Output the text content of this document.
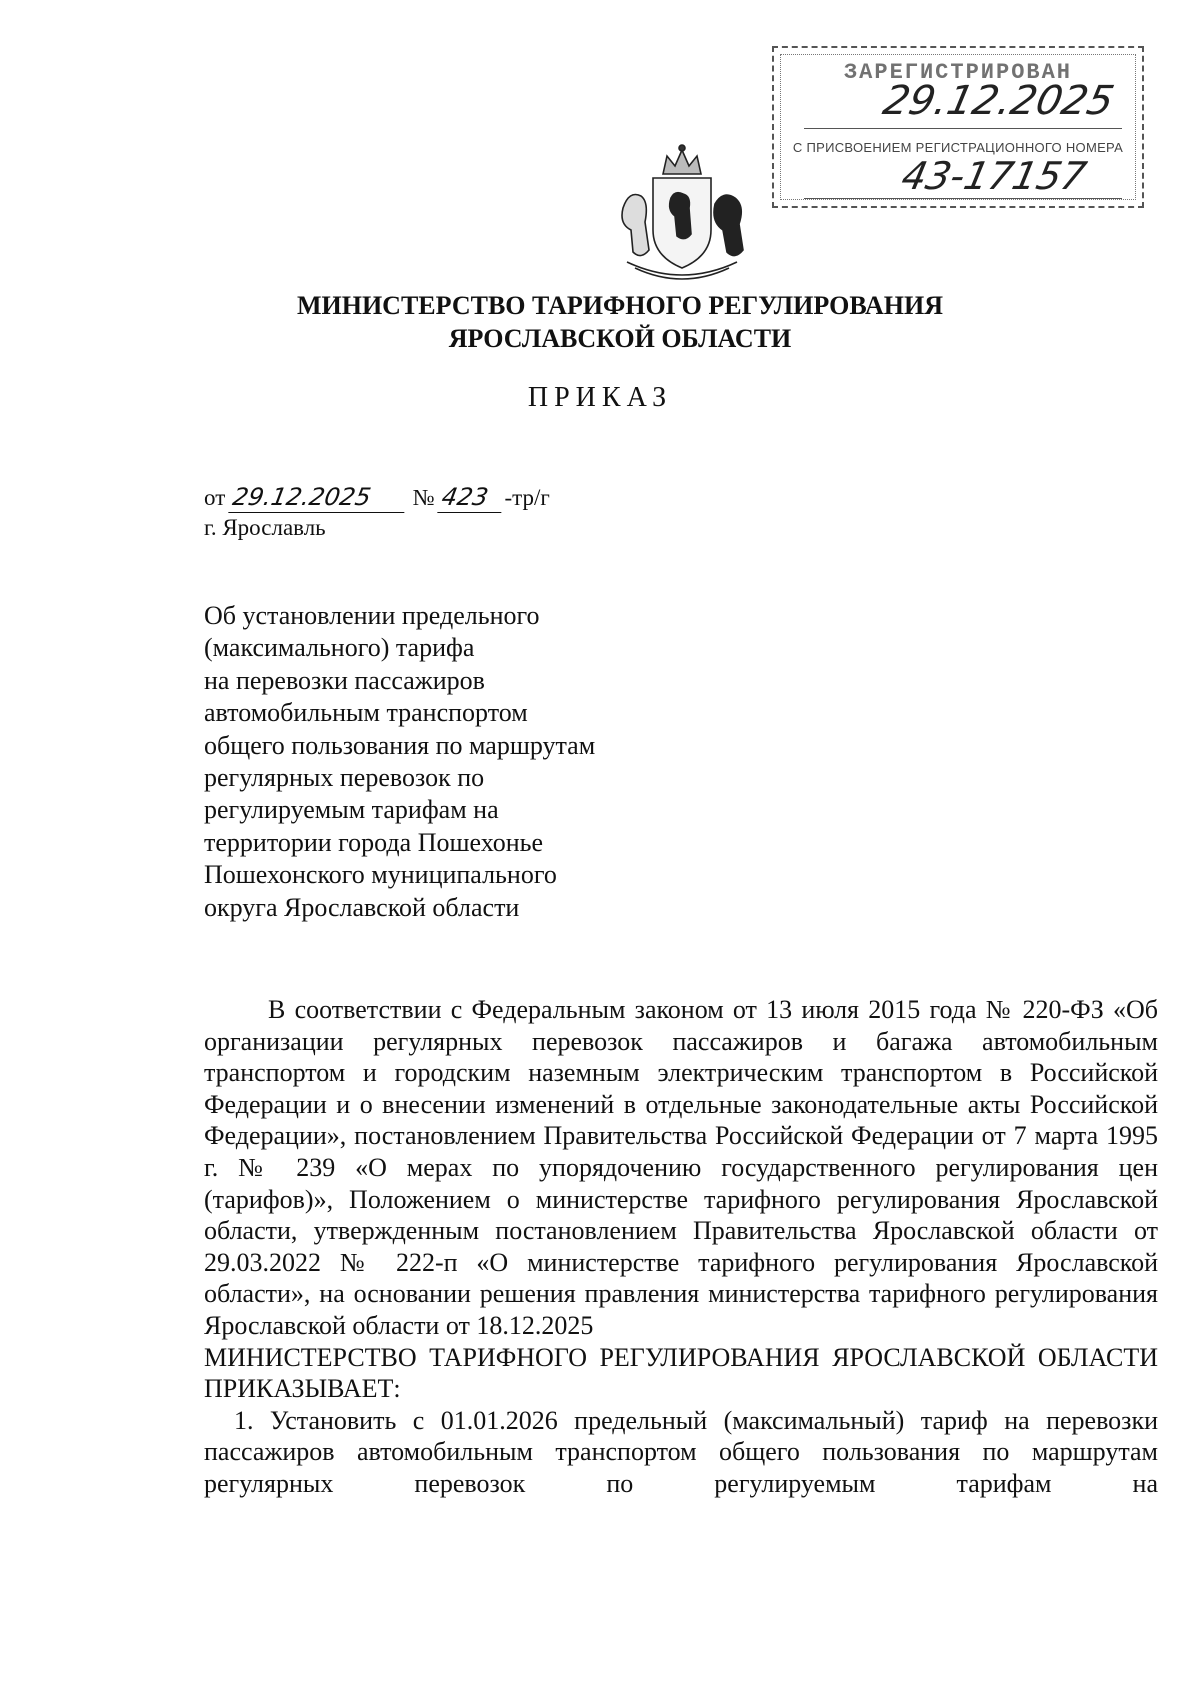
ЗАРЕГИСТРИРОВАН
29.12.2025
С ПРИСВОЕНИЕМ РЕГИСТРАЦИОННОГО НОМЕРА
43-17157
МИНИСТЕРСТВО ТАРИФНОГО РЕГУЛИРОВАНИЯ
ЯРОСЛАВСКОЙ ОБЛАСТИ
ПРИКАЗ
от 29.12.2025 № 423 -тр/г
г. Ярославль
Об установлении предельного
(максимального) тарифа
на перевозки пассажиров
автомобильным транспортом
общего пользования по маршрутам
регулярных перевозок по
регулируемым тарифам на
территории города Пошехонье
Пошехонского муниципального
округа Ярославской области

В соответствии с Федеральным законом от 13 июля 2015 года № 220-ФЗ «Об организации регулярных перевозок пассажиров и багажа автомобильным транспортом и городским наземным электрическим транспортом в Российской Федерации и о внесении изменений в отдельные законодательные акты Российской Федерации», постановлением Правительства Российской Федерации от 7 марта 1995 г. № 239 «О мерах по упорядочению государственного регулирования цен (тарифов)», Положением о министерстве тарифного регулирования Ярославской области, утвержденным постановлением Правительства Ярославской области от 29.03.2022 № 222-п «О министерстве тарифного регулирования Ярославской области», на основании решения правления министерства тарифного регулирования Ярославской области от 18.12.2025

МИНИСТЕРСТВО ТАРИФНОГО РЕГУЛИРОВАНИЯ ЯРОСЛАВСКОЙ ОБЛАСТИ ПРИКАЗЫВАЕТ:

1. Установить с 01.01.2026 предельный (максимальный) тариф на перевозки пассажиров автомобильным транспортом общего пользования по маршрутам регулярных перевозок по регулируемым тарифам на
